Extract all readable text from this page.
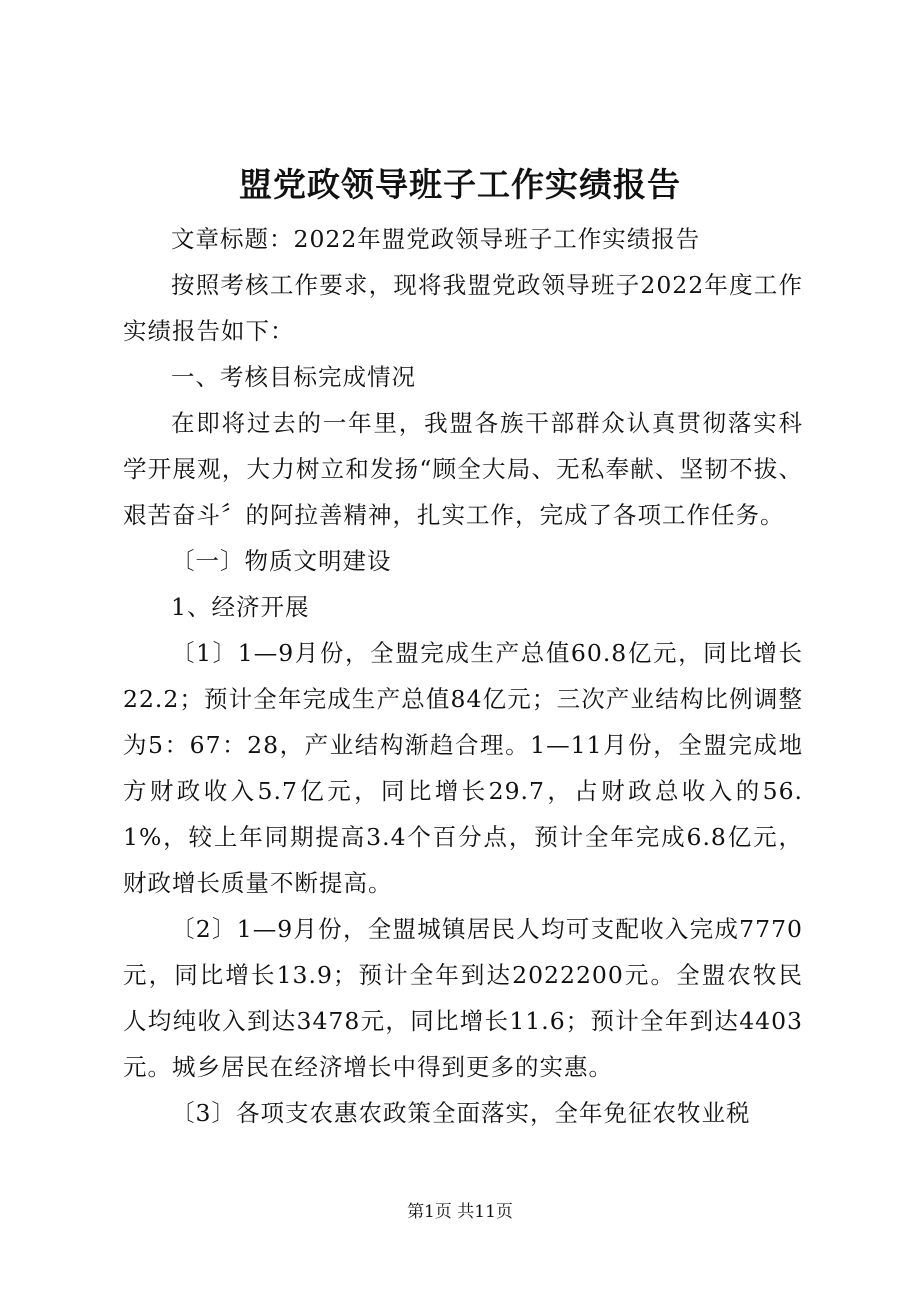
盟党政领导班子工作实绩报告

文章标题：2022年盟党政领导班子工作实绩报告

按照考核工作要求，现将我盟党政领导班子2022年度工作实绩报告如下：

一、考核目标完成情况

在即将过去的一年里，我盟各族干部群众认真贯彻落实科学开展观，大力树立和发扬“顾全大局、无私奉献、坚韧不拔、艰苦奋斗〞的阿拉善精神，扎实工作，完成了各项工作任务。

〔一〕物质文明建设

1、经济开展

〔1〕1—9月份，全盟完成生产总值60.8亿元，同比增长22.2；预计全年完成生产总值84亿元；三次产业结构比例调整为5：67：28，产业结构渐趋合理。1—11月份，全盟完成地方财政收入5.7亿元，同比增长29.7，占财政总收入的56.1%，较上年同期提高3.4个百分点，预计全年完成6.8亿元，财政增长质量不断提高。

〔2〕1—9月份，全盟城镇居民人均可支配收入完成7770元，同比增长13.9；预计全年到达2022200元。全盟农牧民人均纯收入到达3478元，同比增长11.6；预计全年到达4403元。城乡居民在经济增长中得到更多的实惠。

〔3〕各项支农惠农政策全面落实，全年免征农牧业税

第1页 共11页
